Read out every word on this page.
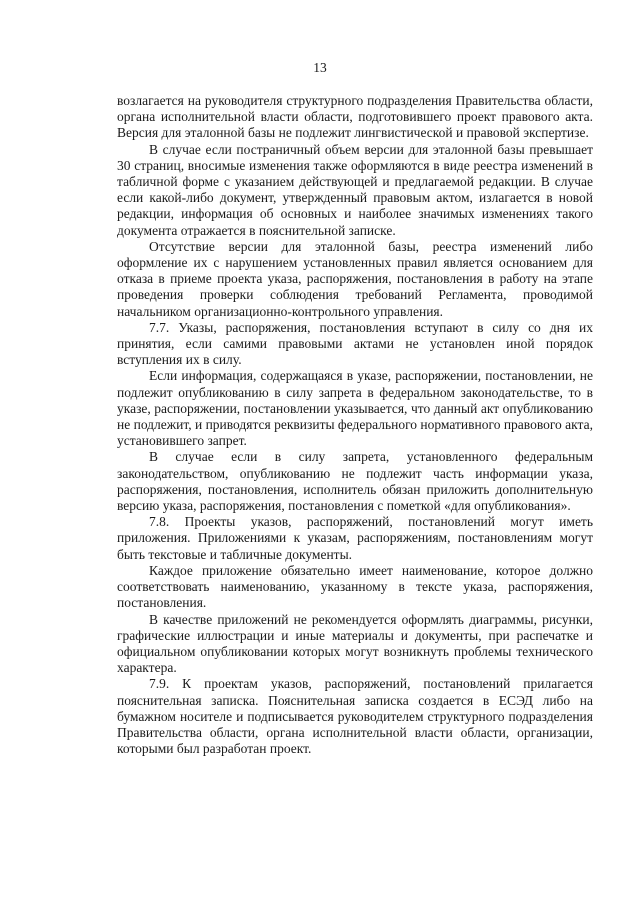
13

возлагается на руководителя структурного подразделения Правительства области, органа исполнительной власти области, подготовившего проект правового акта. Версия для эталонной базы не подлежит лингвистической и правовой экспертизе.

В случае если постраничный объем версии для эталонной базы превышает 30 страниц, вносимые изменения также оформляются в виде реестра изменений в табличной форме с указанием действующей и предлагаемой редакции. В случае если какой-либо документ, утвержденный правовым актом, излагается в новой редакции, информация об основных и наиболее значимых изменениях такого документа отражается в пояснительной записке.

Отсутствие версии для эталонной базы, реестра изменений либо оформление их с нарушением установленных правил является основанием для отказа в приеме проекта указа, распоряжения, постановления в работу на этапе проведения проверки соблюдения требований Регламента, проводимой начальником организационно-контрольного управления.

7.7. Указы, распоряжения, постановления вступают в силу со дня их принятия, если самими правовыми актами не установлен иной порядок вступления их в силу.

Если информация, содержащаяся в указе, распоряжении, постановлении, не подлежит опубликованию в силу запрета в федеральном законодательстве, то в указе, распоряжении, постановлении указывается, что данный акт опубликованию не подлежит, и приводятся реквизиты федерального нормативного правового акта, установившего запрет.

В случае если в силу запрета, установленного федеральным законодательством, опубликованию не подлежит часть информации указа, распоряжения, постановления, исполнитель обязан приложить дополнительную версию указа, распоряжения, постановления с пометкой «для опубликования».

7.8. Проекты указов, распоряжений, постановлений могут иметь приложения. Приложениями к указам, распоряжениям, постановлениям могут быть текстовые и табличные документы.

Каждое приложение обязательно имеет наименование, которое должно соответствовать наименованию, указанному в тексте указа, распоряжения, постановления.

В качестве приложений не рекомендуется оформлять диаграммы, рисунки, графические иллюстрации и иные материалы и документы, при распечатке и официальном опубликовании которых могут возникнуть проблемы технического характера.

7.9. К проектам указов, распоряжений, постановлений прилагается пояснительная записка. Пояснительная записка создается в ЕСЭД либо на бумажном носителе и подписывается руководителем структурного подразделения Правительства области, органа исполнительной власти области, организации, которыми был разработан проект.
